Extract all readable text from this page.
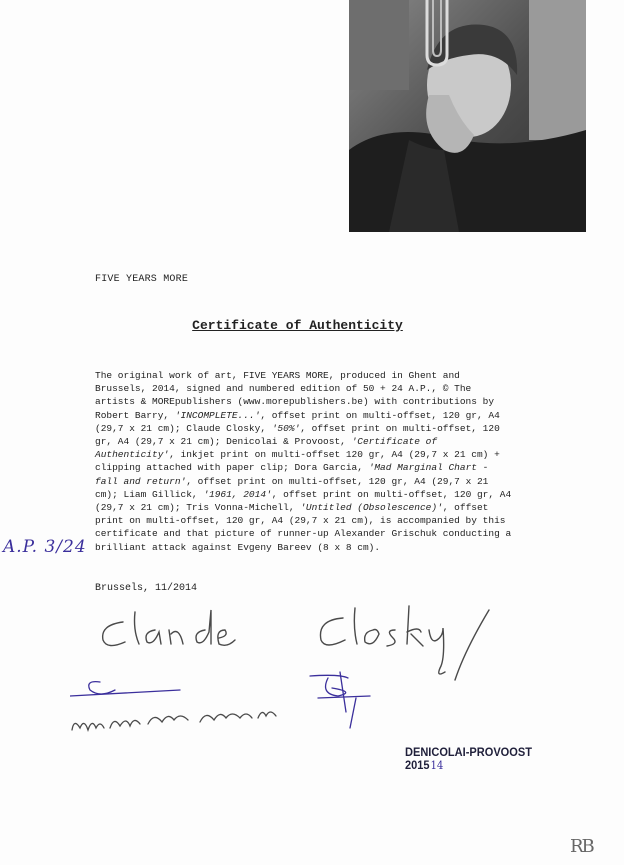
FIVE YEARS MORE
Certificate of Authenticity
The original work of art, FIVE YEARS MORE, produced in Ghent and Brussels, 2014, signed and numbered edition of 50 + 24 A.P., © The artists & MOREpublishers (www.morepublishers.be) with contributions by Robert Barry, 'INCOMPLETE...', offset print on multi-offset, 120 gr, A4 (29,7 x 21 cm); Claude Closky, '50%', offset print on multi-offset, 120 gr, A4 (29,7 x 21 cm); Denicolai & Provoost, 'Certificate of Authenticity', inkjet print on multi-offset 120 gr, A4 (29,7 x 21 cm) + clipping attached with paper clip; Dora Garcia, 'Mad Marginal Chart - fall and return', offset print on multi-offset, 120 gr, A4 (29,7 x 21 cm); Liam Gillick, '1961, 2014', offset print on multi-offset, 120 gr, A4 (29,7 x 21 cm); Tris Vonna-Michell, 'Untitled (Obsolescence)', offset print on multi-offset, 120 gr, A4 (29,7 x 21 cm), is accompanied by this certificate and that picture of runner-up Alexander Grischuk conducting a brilliant attack against Evgeny Bareev (8 x 8 cm).
A.P. 3/24
Brussels, 11/2014
DENICOLAI-PROVOOST
201514
RB
